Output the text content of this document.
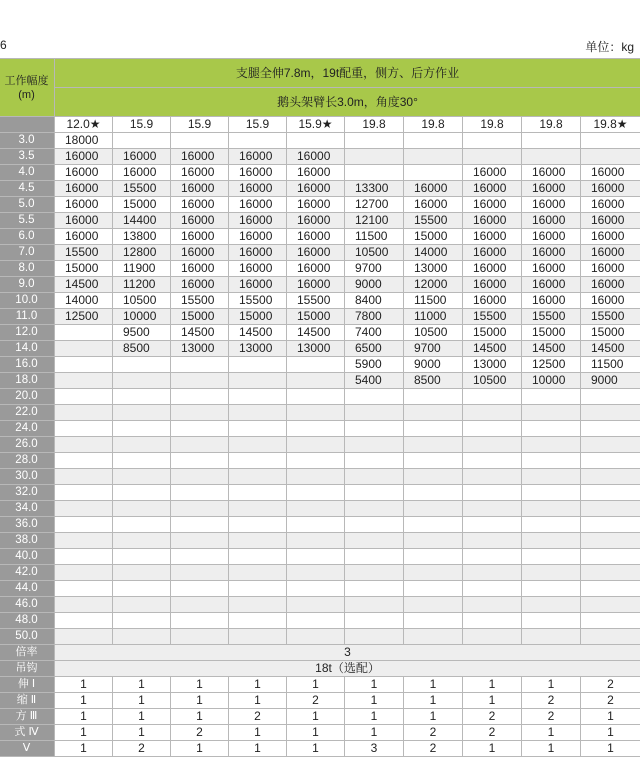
6	单位：kg
工作幅度(m)	支腿全伸7.8m，19t配重，侧方、后方作业									
	鹅头架臂长3.0m，角度30°									
	12.0★	15.9	15.9	15.9	15.9★	19.8	19.8	19.8	19.8	19.8★
3.0	18000									
3.5	16000	16000	16000	16000	16000					
4.0	16000	16000	16000	16000	16000			16000	16000	16000
4.5	16000	15500	16000	16000	16000	13300	16000	16000	16000	16000
5.0	16000	15000	16000	16000	16000	12700	16000	16000	16000	16000
5.5	16000	14400	16000	16000	16000	12100	15500	16000	16000	16000
6.0	16000	13800	16000	16000	16000	11500	15000	16000	16000	16000
7.0	15500	12800	16000	16000	16000	10500	14000	16000	16000	16000
8.0	15000	11900	16000	16000	16000	9700	13000	16000	16000	16000
9.0	14500	11200	16000	16000	16000	9000	12000	16000	16000	16000
10.0	14000	10500	15500	15500	15500	8400	11500	16000	16000	16000
11.0	12500	10000	15000	15000	15000	7800	11000	15500	15500	15500
12.0		9500	14500	14500	14500	7400	10500	15000	15000	15000
14.0		8500	13000	13000	13000	6500	9700	14500	14500	14500
16.0						5900	9000	13000	12500	11500
18.0						5400	8500	10500	10000	9000
20.0										
22.0										
24.0										
26.0										
28.0										
30.0										
32.0										
34.0										
36.0										
38.0										
40.0										
42.0										
44.0										
46.0										
48.0										
50.0										
倍率	3									
吊钩	18t（选配）									
伸 Ⅰ	1	1	1	1	1	1	1	1	1	2
缩 Ⅱ	1	1	1	1	2	1	1	1	2	2
方 Ⅲ	1	1	1	2	1	1	1	2	2	1
式 Ⅳ	1	1	2	1	1	1	2	2	1	1
Ⅴ	1	2	1	1	1	3	2	1	1	1
